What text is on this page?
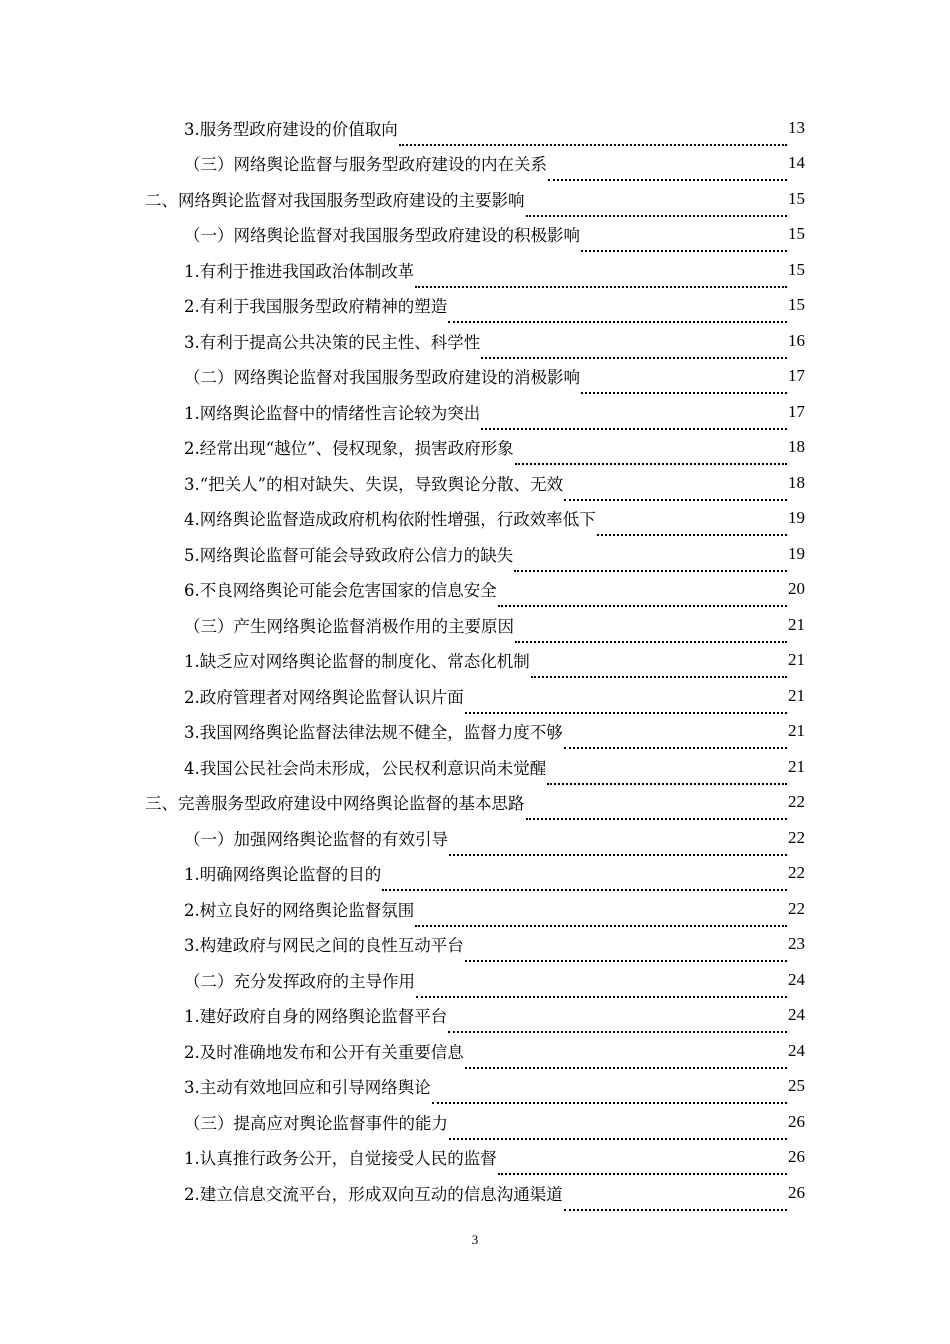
3.服务型政府建设的价值取向	13
（三）网络舆论监督与服务型政府建设的内在关系	14
二、网络舆论监督对我国服务型政府建设的主要影响	15
（一）网络舆论监督对我国服务型政府建设的积极影响	15
1.有利于推进我国政治体制改革	15
2.有利于我国服务型政府精神的塑造	15
3.有利于提高公共决策的民主性、科学性	16
（二）网络舆论监督对我国服务型政府建设的消极影响	17
1.网络舆论监督中的情绪性言论较为突出	17
2.经常出现“越位”、侵权现象，损害政府形象	18
3.“把关人”的相对缺失、失误，导致舆论分散、无效	18
4.网络舆论监督造成政府机构依附性增强，行政效率低下	19
5.网络舆论监督可能会导致政府公信力的缺失	19
6.不良网络舆论可能会危害国家的信息安全	20
（三）产生网络舆论监督消极作用的主要原因	21
1.缺乏应对网络舆论监督的制度化、常态化机制	21
2.政府管理者对网络舆论监督认识片面	21
3.我国网络舆论监督法律法规不健全，监督力度不够	21
4.我国公民社会尚未形成，公民权利意识尚未觉醒	21
三、完善服务型政府建设中网络舆论监督的基本思路	22
（一）加强网络舆论监督的有效引导	22
1.明确网络舆论监督的目的	22
2.树立良好的网络舆论监督氛围	22
3.构建政府与网民之间的良性互动平台	23
（二）充分发挥政府的主导作用	24
1.建好政府自身的网络舆论监督平台	24
2.及时准确地发布和公开有关重要信息	24
3.主动有效地回应和引导网络舆论	25
（三）提高应对舆论监督事件的能力	26
1.认真推行政务公开，自觉接受人民的监督	26
2.建立信息交流平台，形成双向互动的信息沟通渠道	26
3
